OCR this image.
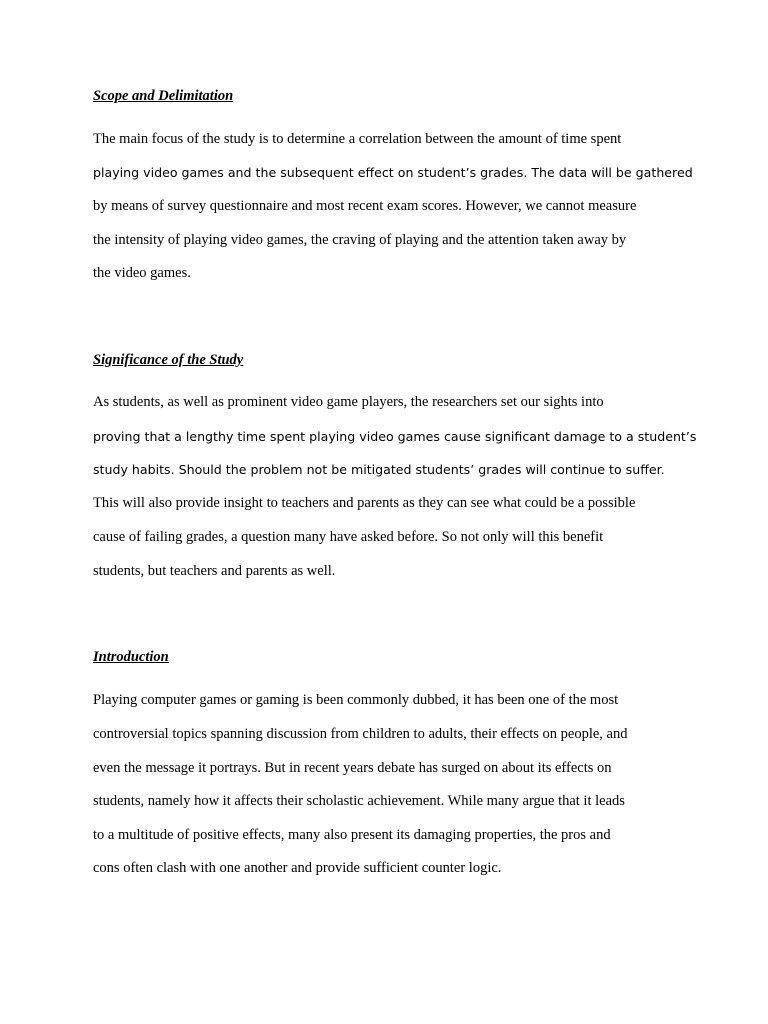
Scope and Delimitation

The main focus of the study is to determine a correlation between the amount of time spent

playing video games and the subsequent effect on student’s grades. The data will be gathered

by means of survey questionnaire and most recent exam scores. However, we cannot measure

the intensity of playing video games, the craving of playing and the attention taken away by

the video games.

Significance of the Study

As students, as well as prominent video game players, the researchers set our sights into

proving that a lengthy time spent playing video games cause significant damage to a student’s

study habits. Should the problem not be mitigated students’ grades will continue to suffer.

This will also provide insight to teachers and parents as they can see what could be a possible

cause of failing grades, a question many have asked before. So not only will this benefit

students, but teachers and parents as well.

Introduction

Playing computer games or gaming is been commonly dubbed, it has been one of the most

controversial topics spanning discussion from children to adults, their effects on people, and

even the message it portrays. But in recent years debate has surged on about its effects on

students, namely how it affects their scholastic achievement. While many argue that it leads

to a multitude of positive effects, many also present its damaging properties, the pros and

cons often clash with one another and provide sufficient counter logic.
